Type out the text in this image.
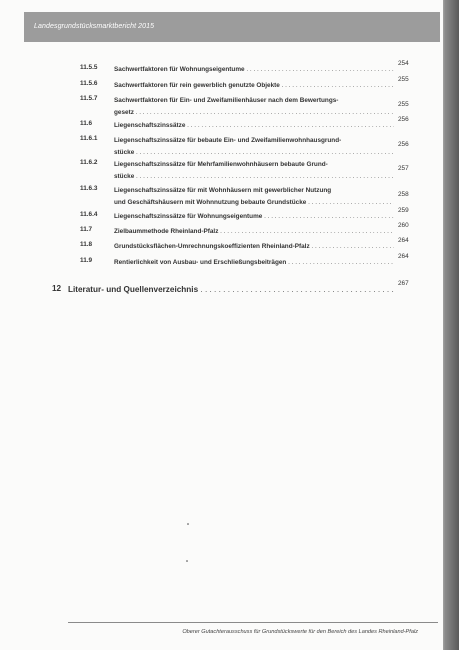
Landesgrundstücksmarktbericht 2015
11.5.5	Sachwertfaktoren für Wohnungseigentume . . .
254
11.5.6	Sachwertfaktoren für rein gewerblich genutzte Objekte . . .
255
11.5.7	Sachwertfaktoren für Ein- und Zweifamilienhäuser nach dem Bewertungs-
gesetz . . .
255
11.6	Liegenschaftszinssätze . . .
256
11.6.1	Liegenschaftszinssätze für bebaute Ein- und Zweifamilienwohnhausgrund-
stücke . . .
256
11.6.2	Liegenschaftszinssätze für Mehrfamilienwohnhäusern bebaute Grund-
stücke . . .
257
11.6.3	Liegenschaftszinssätze für mit Wohnhäusern mit gewerblicher Nutzung
und Geschäftshäusern mit Wohnnutzung bebaute Grundstücke . . .
258
11.6.4	Liegenschaftszinssätze für Wohnungseigentume . . .
259
11.7	Zielbaummethode Rheinland-Pfalz . . .
260
11.8	Grundstücksflächen-Umrechnungskoeffizienten Rheinland-Pfalz . . .
264
11.9	Rentierlichkeit von Ausbau- und Erschließungsbeiträgen . . .
264
12 Literatur- und Quellenverzeichnis . . .
267
Oberer Gutachterausschuss für Grundstückswerte für den Bereich des Landes Rheinland-Pfalz
